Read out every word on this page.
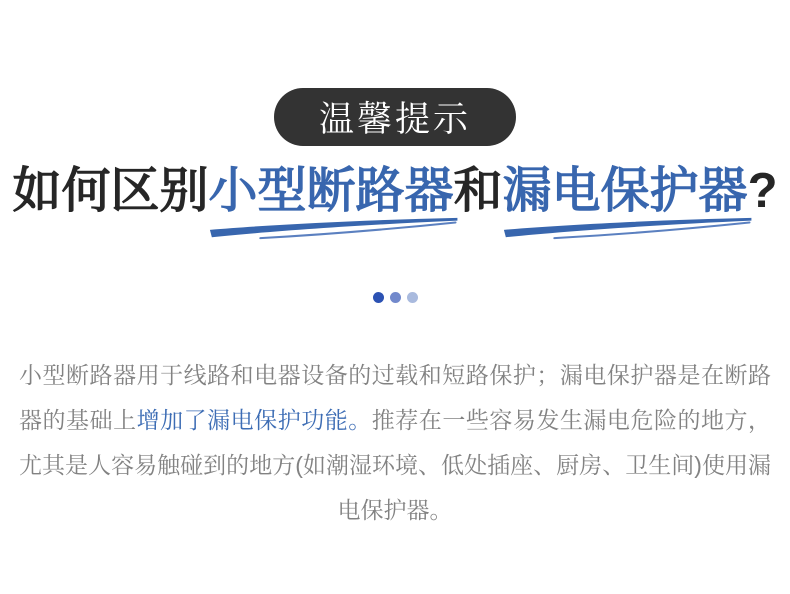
温馨提示
如何区别小型断路器
和漏电保护器
?

小型断路器用于线路和电器设备的过载和短路保护；漏电保护器是在断路器的基础上增加了漏电保护功能。推荐在一些容易发生漏电危险的地方，尤其是人容易触碰到的地方(如潮湿环境、低处插座、厨房、卫生间)使用漏电保护器。
